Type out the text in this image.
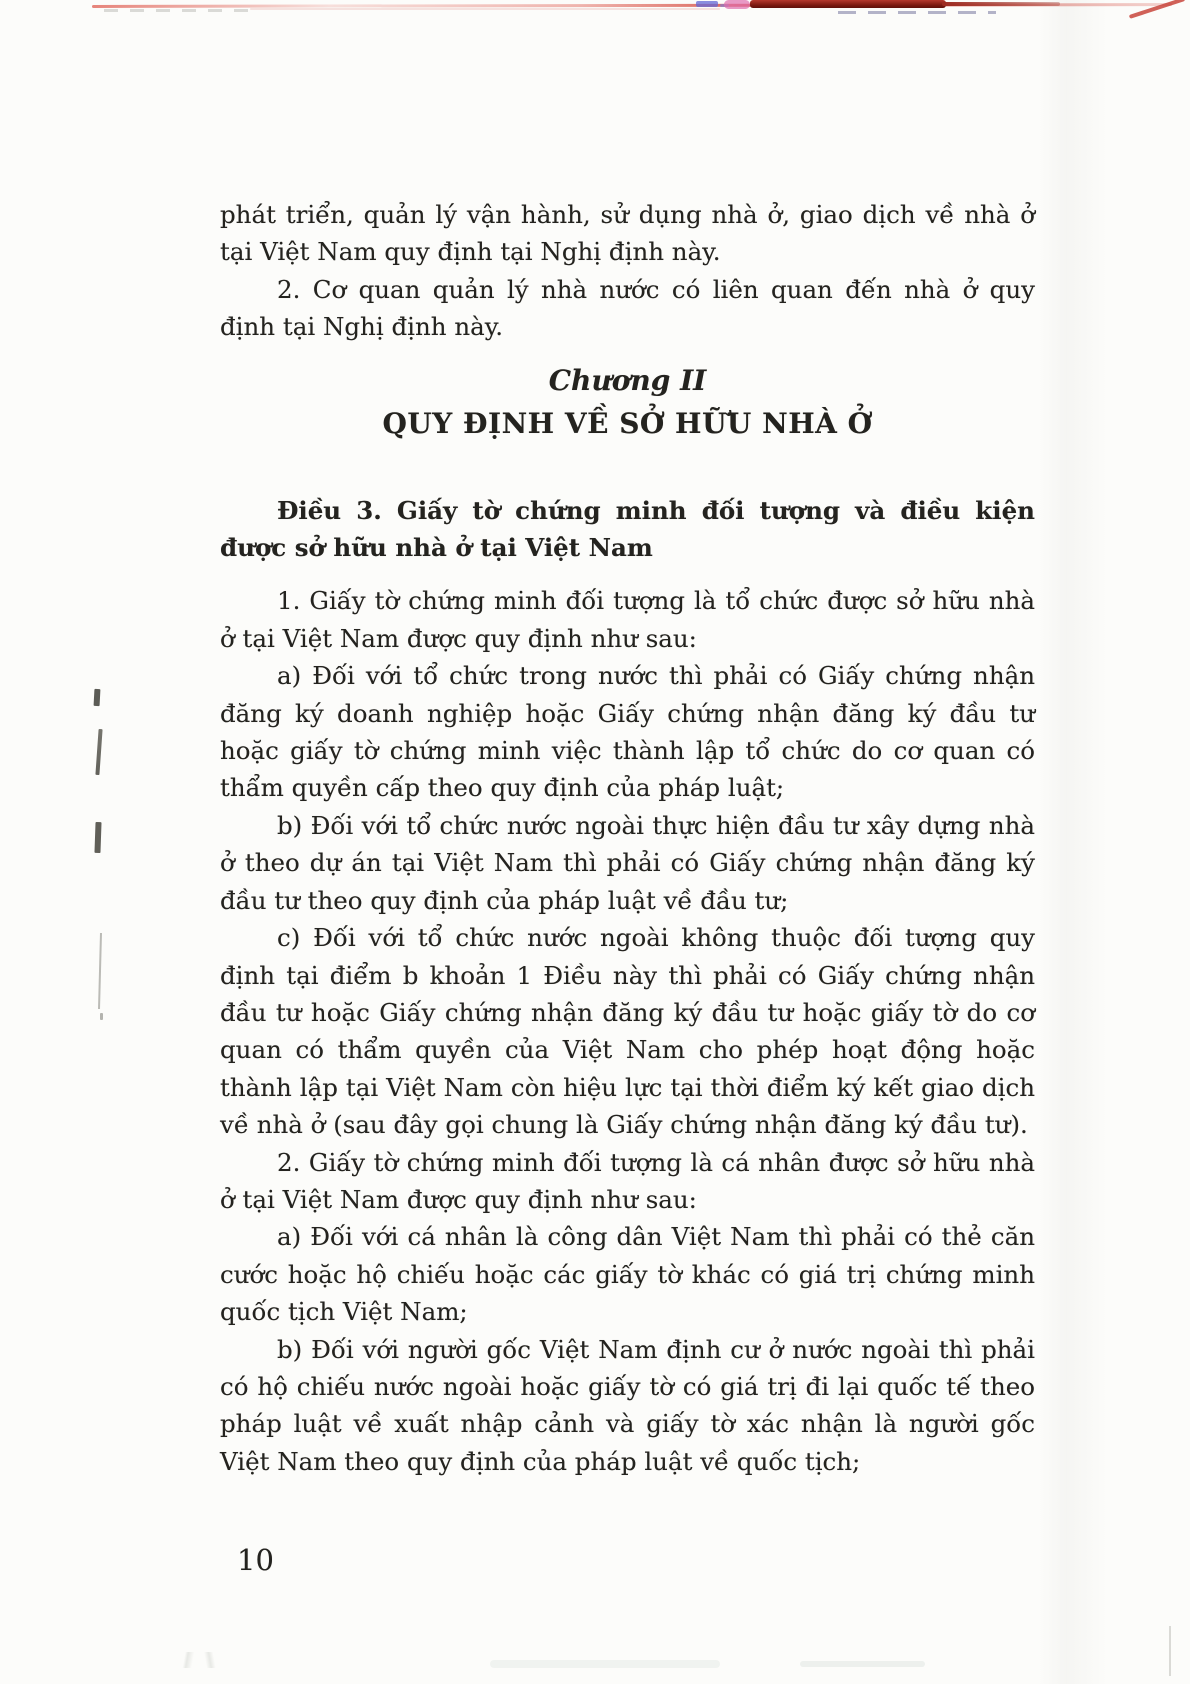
phát triển, quản lý vận hành, sử dụng nhà ở, giao dịch về nhà ở tại Việt Nam quy định tại Nghị định này.

2. Cơ quan quản lý nhà nước có liên quan đến nhà ở quy định tại Nghị định này.

Chương II

QUY ĐỊNH VỀ SỞ HỮU NHÀ Ở

Điều 3. Giấy tờ chứng minh đối tượng và điều kiện được sở hữu nhà ở tại Việt Nam

1. Giấy tờ chứng minh đối tượng là tổ chức được sở hữu nhà ở tại Việt Nam được quy định như sau:

a) Đối với tổ chức trong nước thì phải có Giấy chứng nhận đăng ký doanh nghiệp hoặc Giấy chứng nhận đăng ký đầu tư hoặc giấy tờ chứng minh việc thành lập tổ chức do cơ quan có thẩm quyền cấp theo quy định của pháp luật;

b) Đối với tổ chức nước ngoài thực hiện đầu tư xây dựng nhà ở theo dự án tại Việt Nam thì phải có Giấy chứng nhận đăng ký đầu tư theo quy định của pháp luật về đầu tư;

c) Đối với tổ chức nước ngoài không thuộc đối tượng quy định tại điểm b khoản 1 Điều này thì phải có Giấy chứng nhận đầu tư hoặc Giấy chứng nhận đăng ký đầu tư hoặc giấy tờ do cơ quan có thẩm quyền của Việt Nam cho phép hoạt động hoặc thành lập tại Việt Nam còn hiệu lực tại thời điểm ký kết giao dịch về nhà ở (sau đây gọi chung là Giấy chứng nhận đăng ký đầu tư).

2. Giấy tờ chứng minh đối tượng là cá nhân được sở hữu nhà ở tại Việt Nam được quy định như sau:

a) Đối với cá nhân là công dân Việt Nam thì phải có thẻ căn cước hoặc hộ chiếu hoặc các giấy tờ khác có giá trị chứng minh quốc tịch Việt Nam;

b) Đối với người gốc Việt Nam định cư ở nước ngoài thì phải có hộ chiếu nước ngoài hoặc giấy tờ có giá trị đi lại quốc tế theo pháp luật về xuất nhập cảnh và giấy tờ xác nhận là người gốc Việt Nam theo quy định của pháp luật về quốc tịch;

10
